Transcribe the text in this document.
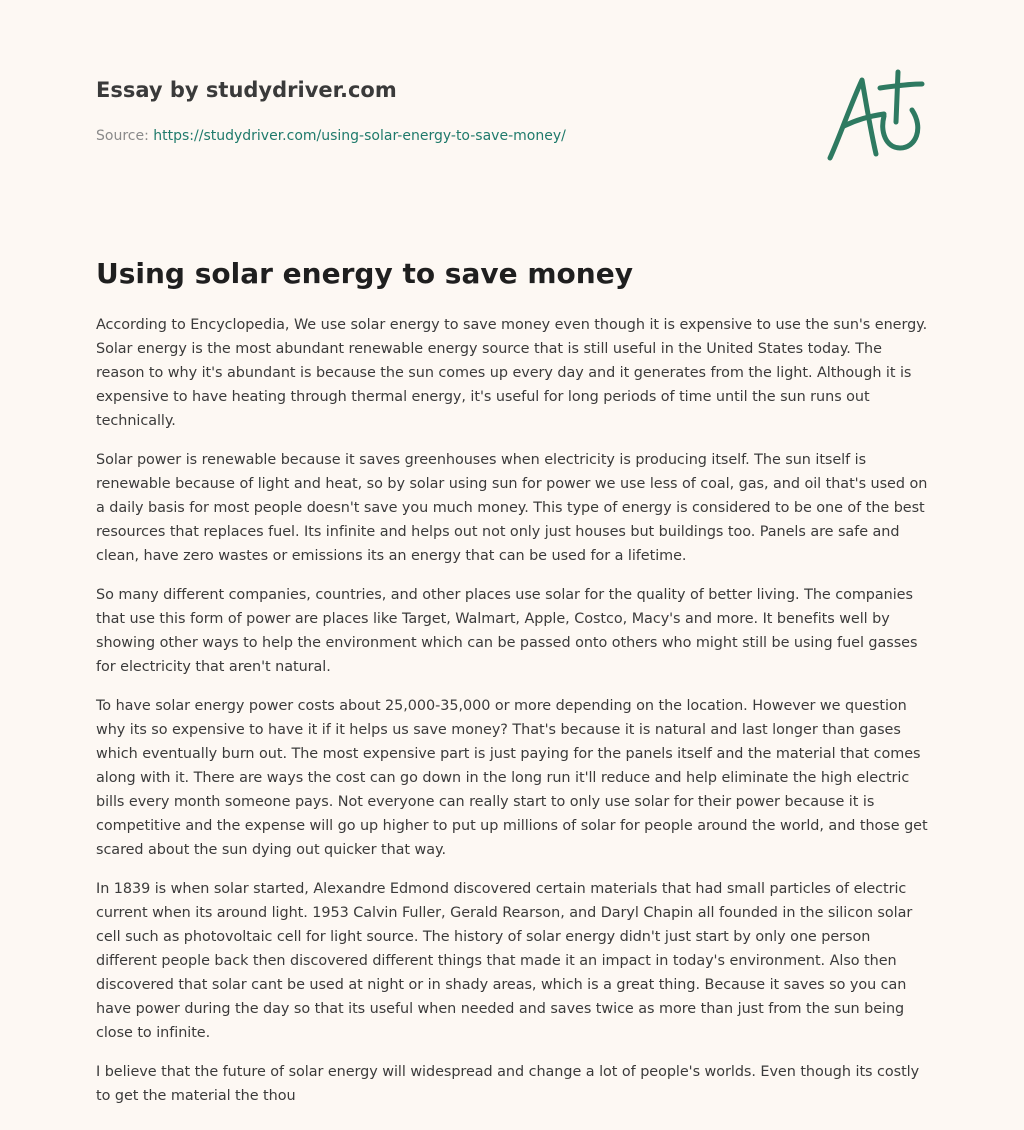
Essay by studydriver.com
Source: https://studydriver.com/using-solar-energy-to-save-money/
Using solar energy to save money

According to Encyclopedia, We use solar energy to save money even though it is expensive to use the sun's energy. Solar energy is the most abundant renewable energy source that is still useful in the United States today. The reason to why it's abundant is because the sun comes up every day and it generates from the light. Although it is expensive to have heating through thermal energy, it's useful for long periods of time until the sun runs out technically.

Solar power is renewable because it saves greenhouses when electricity is producing itself. The sun itself is renewable because of light and heat, so by solar using sun for power we use less of coal, gas, and oil that's used on a daily basis for most people doesn't save you much money. This type of energy is considered to be one of the best resources that replaces fuel. Its infinite and helps out not only just houses but buildings too. Panels are safe and clean, have zero wastes or emissions its an energy that can be used for a lifetime.

So many different companies, countries, and other places use solar for the quality of better living. The companies that use this form of power are places like Target, Walmart, Apple, Costco, Macy's and more. It benefits well by showing other ways to help the environment which can be passed onto others who might still be using fuel gasses for electricity that aren't natural.

To have solar energy power costs about 25,000-35,000 or more depending on the location. However we question why its so expensive to have it if it helps us save money? That's because it is natural and last longer than gases which eventually burn out. The most expensive part is just paying for the panels itself and the material that comes along with it. There are ways the cost can go down in the long run it'll reduce and help eliminate the high electric bills every month someone pays. Not everyone can really start to only use solar for their power because it is competitive and the expense will go up higher to put up millions of solar for people around the world, and those get scared about the sun dying out quicker that way.

In 1839 is when solar started, Alexandre Edmond discovered certain materials that had small particles of electric current when its around light. 1953 Calvin Fuller, Gerald Rearson, and Daryl Chapin all founded in the silicon solar cell such as photovoltaic cell for light source. The history of solar energy didn't just start by only one person different people back then discovered different things that made it an impact in today's environment. Also then discovered that solar cant be used at night or in shady areas, which is a great thing. Because it saves so you can have power during the day so that its useful when needed and saves twice as more than just from the sun being close to infinite.

I believe that the future of solar energy will widespread and change a lot of people's worlds. Even though its costly to get the material the thou
